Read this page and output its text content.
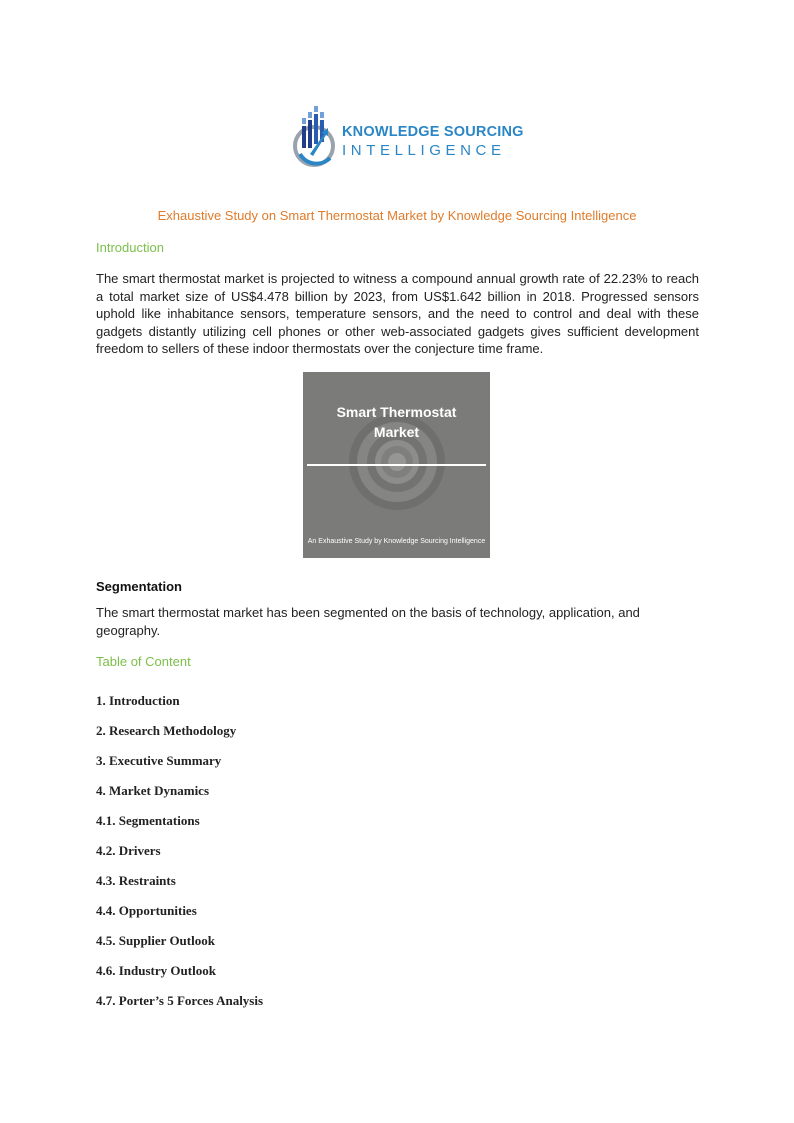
KNOWLEDGE SOURCING
INTELLIGENCE
Exhaustive Study on Smart Thermostat Market by Knowledge Sourcing Intelligence
Introduction
The smart thermostat market is projected to witness a compound annual growth rate of 22.23% to reach a total market size of US$4.478 billion by 2023, from US$1.642 billion in 2018. Progressed sensors uphold like inhabitance sensors, temperature sensors, and the need to control and deal with these gadgets distantly utilizing cell phones or other web-associated gadgets gives sufficient development freedom to sellers of these indoor thermostats over the conjecture time frame.
Smart Thermostat
Market
An Exhaustive Study by Knowledge Sourcing Intelligence
Segmentation
The smart thermostat market has been segmented on the basis of technology, application, and geography.
Table of Content
1. Introduction
2. Research Methodology
3. Executive Summary
4. Market Dynamics
4.1. Segmentations
4.2. Drivers
4.3. Restraints
4.4. Opportunities
4.5. Supplier Outlook
4.6. Industry Outlook
4.7. Porter’s 5 Forces Analysis
